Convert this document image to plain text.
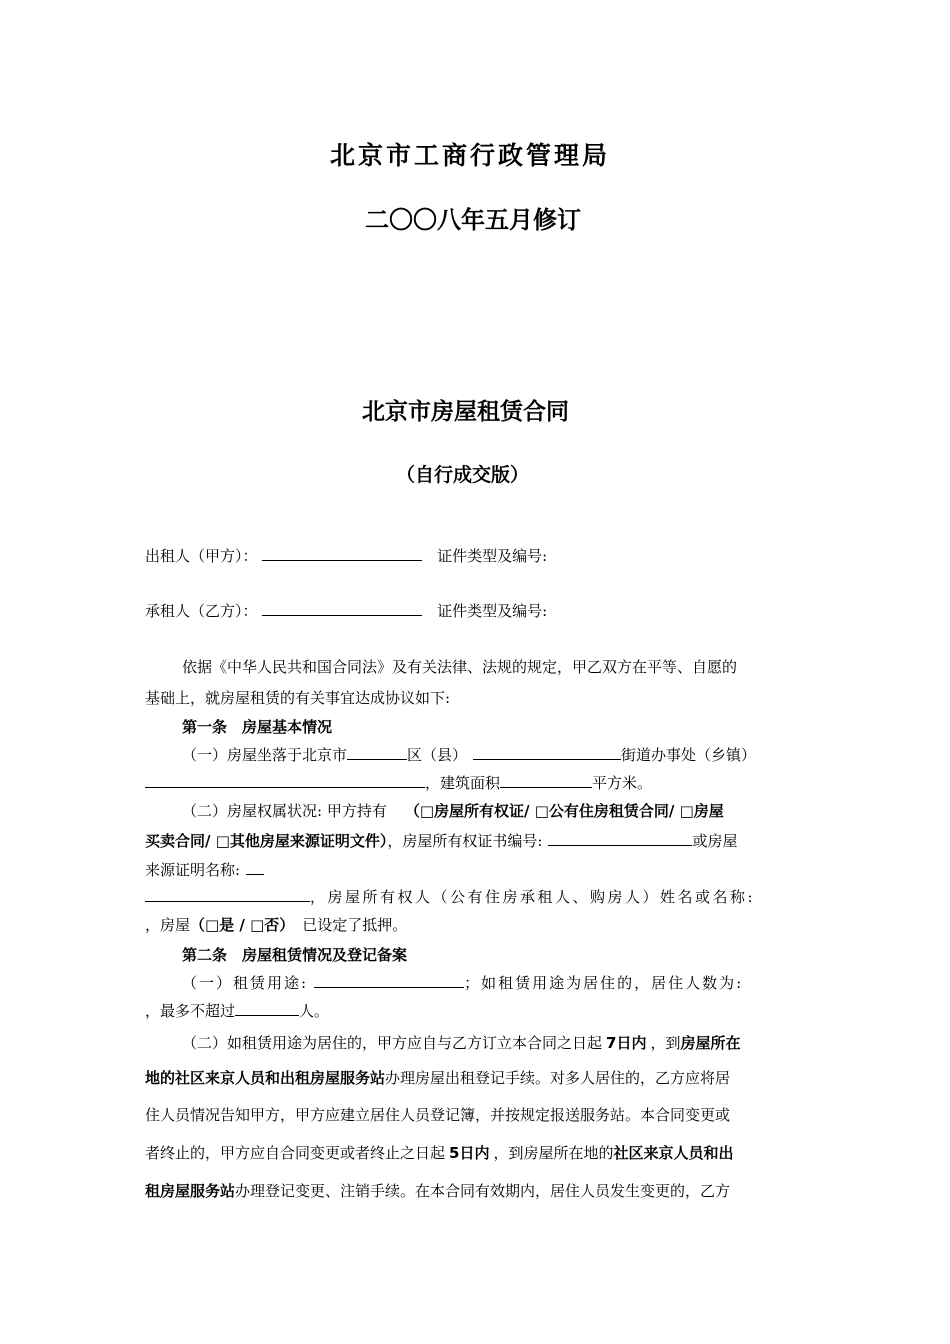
北京市工商行政管理局
二〇〇八年五月修订
北京市房屋租赁合同
（自行成交版）
出租人（甲方）：	证件类型及编号:
承租人（乙方）：	证件类型及编号:
依据《中华人民共和国合同法》及有关法律、法规的规定，甲乙双方在平等、自愿的
基础上，就房屋租赁的有关事宜达成协议如下:
第一条　房屋基本情况
（一）房屋坐落于北京市	区（县）	街道办事处（乡镇）
，建筑面积	平方米。
（二）房屋权属状况: 甲方持有 （□房屋所有权证/ □公有住房租赁合同/ □房屋
买卖合同/ □其他房屋来源证明文件），房屋所有权证书编号:	或房屋
来源证明名称:
，房屋所有权人（公有住房承租人、购房人）姓名或名称:
，房屋（□是 / □否） 已设定了抵押。
第二条　房屋租赁情况及登记备案
（一）租赁用途:	；如租赁用途为居住的，居住人数为:
，最多不超过	人。
（二）如租赁用途为居住的，甲方应自与乙方订立本合同之日起 7日内 ，到房屋所在
地的社区来京人员和出租房屋服务站办理房屋出租登记手续。对多人居住的，乙方应将居
住人员情况告知甲方，甲方应建立居住人员登记簿，并按规定报送服务站。本合同变更或
者终止的，甲方应自合同变更或者终止之日起 5日内 ，到房屋所在地的社区来京人员和出
租房屋服务站办理登记变更、注销手续。在本合同有效期内，居住人员发生变更的，乙方
